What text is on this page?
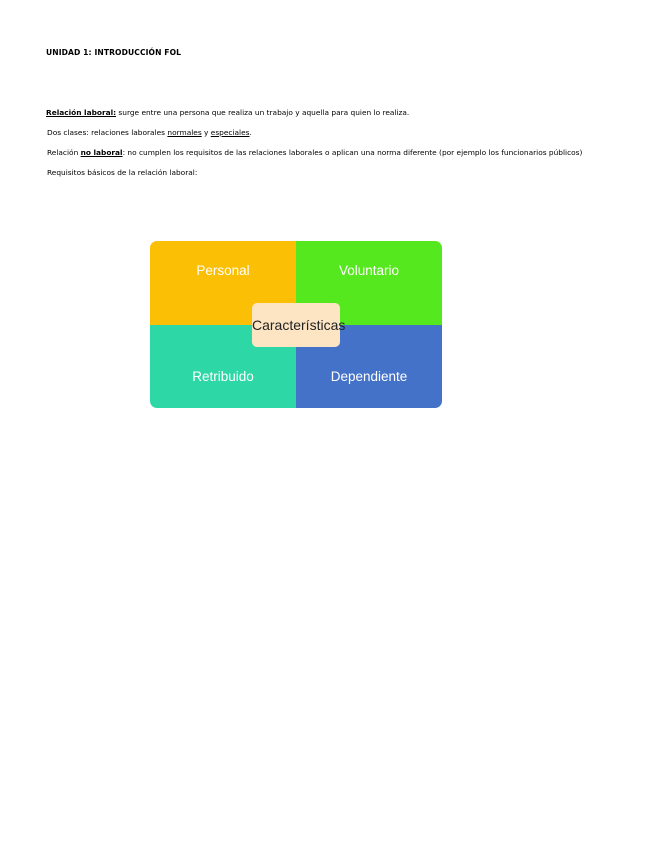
UNIDAD 1: INTRODUCCIÓN FOL
Relación laboral: surge entre una persona que realiza un trabajo y aquella para quien lo realiza.
Dos clases: relaciones laborales normales y especiales.
Relación no laboral: no cumplen los requisitos de las relaciones laborales o aplican una norma diferente (por ejemplo los funcionarios públicos)
Requisitos básicos de la relación laboral:
Personal	Voluntario
Retribuido	Dependiente
Características
